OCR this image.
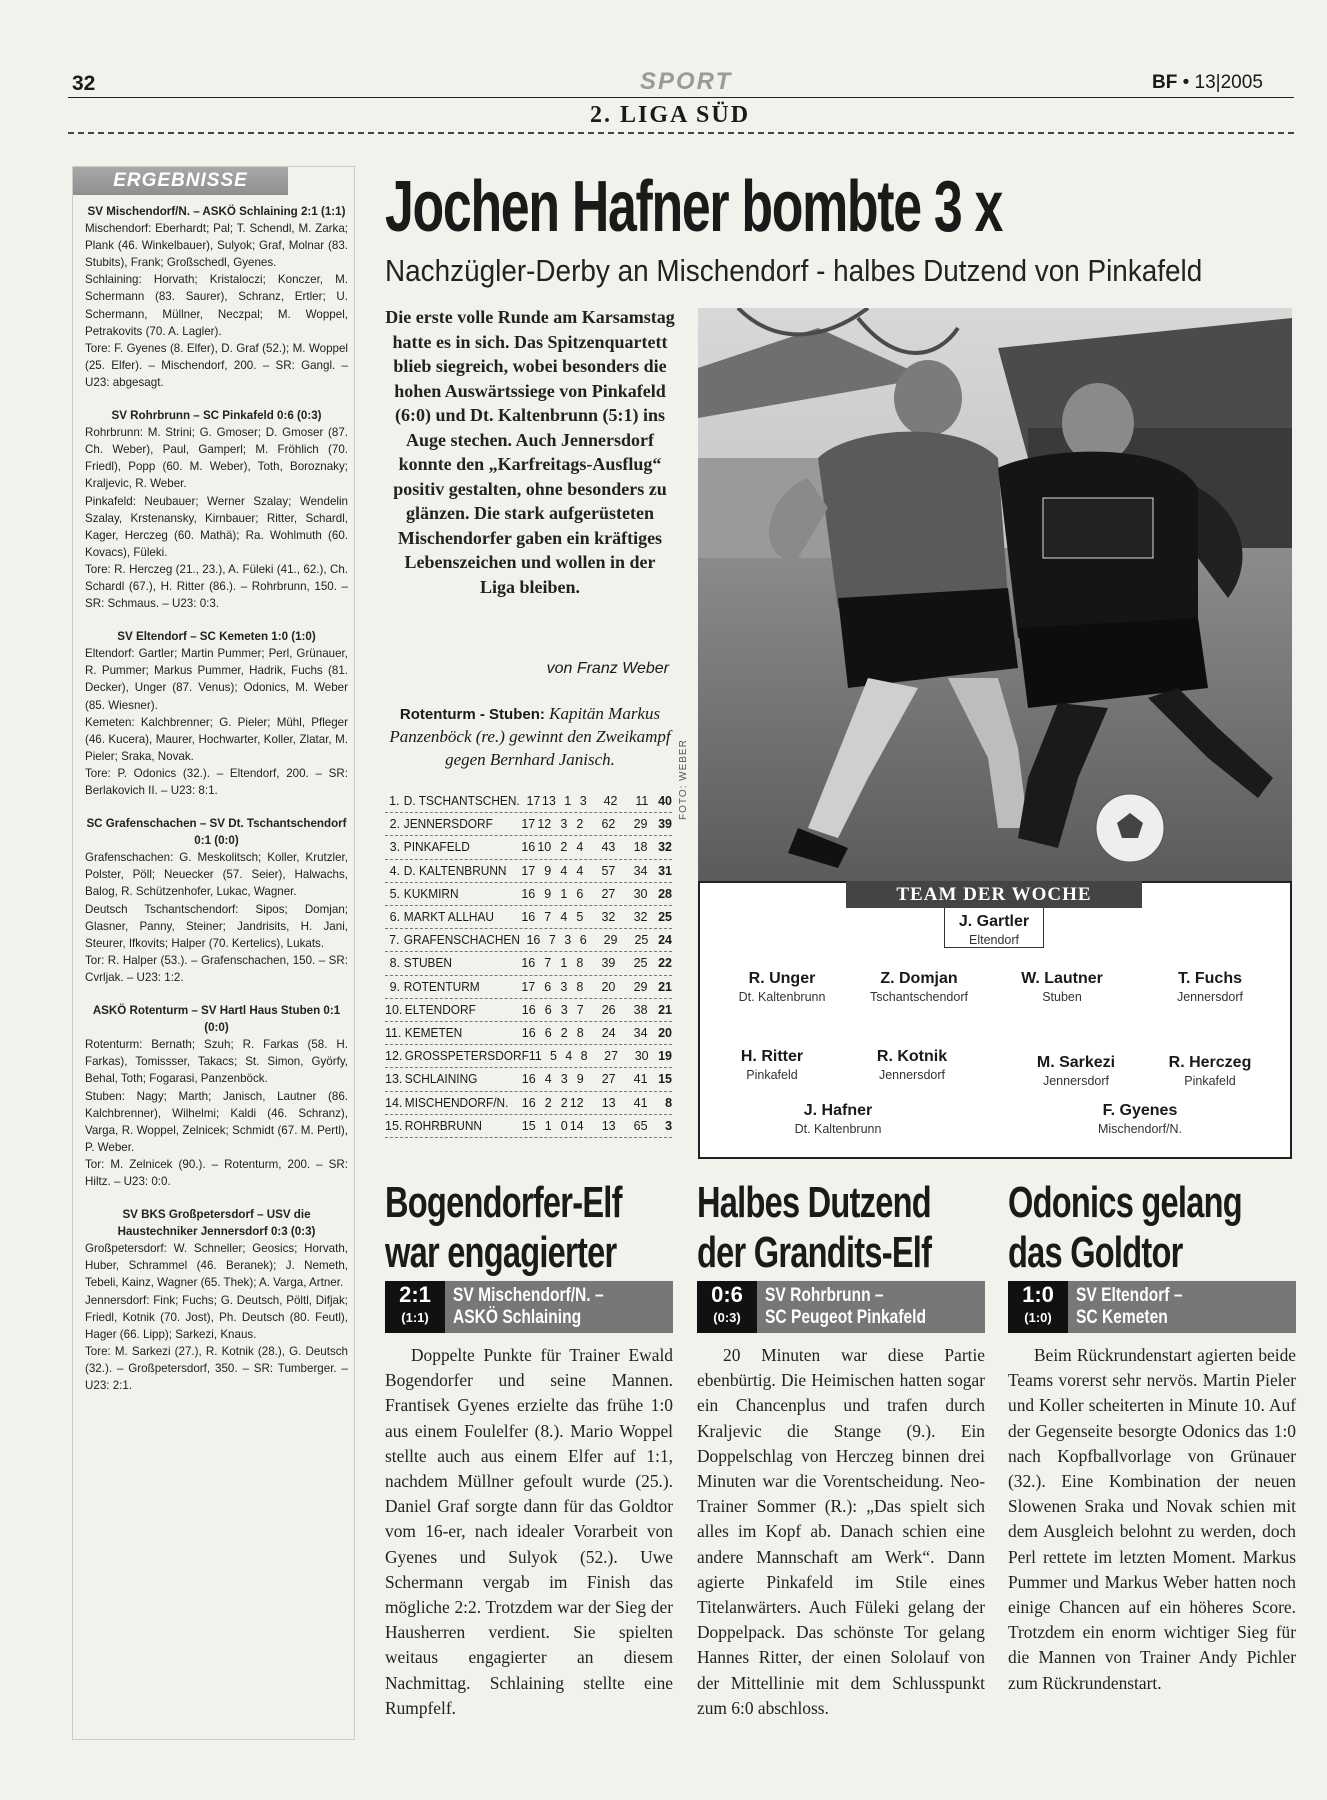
32	SPORT	BF • 13|2005
2. LIGA SÜD
ERGEBNISSE
SV Mischendorf/N. – ASKÖ Schlaining 2:1 (1:1)
Mischendorf: Eberhardt; Pal; T. Schendl, M. Zarka; Plank (46. Winkelbauer), Sulyok; Graf, Molnar (83. Stubits), Frank; Großschedl, Gyenes.
Schlaining: Horvath; Kristaloczi; Konczer, M. Schermann (83. Saurer), Schranz, Ertler; U. Schermann, Müllner, Neczpal; M. Woppel, Petrakovits (70. A. Lagler).
Tore: F. Gyenes (8. Elfer), D. Graf (52.); M. Woppel (25. Elfer). – Mischendorf, 200. – SR: Gangl. – U23: abgesagt.
SV Rohrbrunn – SC Pinkafeld 0:6 (0:3)
Rohrbrunn: M. Strini; G. Gmoser; D. Gmoser (87. Ch. Weber), Paul, Gamperl; M. Fröhlich (70. Friedl), Popp (60. M. Weber), Toth, Boroznaky; Kraljevic, R. Weber.
Pinkafeld: Neubauer; Werner Szalay; Wendelin Szalay, Krstenansky, Kirnbauer; Ritter, Schardl, Kager, Herczeg (60. Mathä); Ra. Wohlmuth (60. Kovacs), Füleki.
Tore: R. Herczeg (21., 23.), A. Füleki (41., 62.), Ch. Schardl (67.), H. Ritter (86.). – Rohrbrunn, 150. – SR: Schmaus. – U23: 0:3.
SV Eltendorf – SC Kemeten 1:0 (1:0)
Eltendorf: Gartler; Martin Pummer; Perl, Grünauer, R. Pummer; Markus Pummer, Hadrik, Fuchs (81. Decker), Unger (87. Venus); Odonics, M. Weber (85. Wiesner).
Kemeten: Kalchbrenner; G. Pieler; Mühl, Pfleger (46. Kucera), Maurer, Hochwarter, Koller, Zlatar, M. Pieler; Sraka, Novak.
Tore: P. Odonics (32.). – Eltendorf, 200. – SR: Berlakovich II. – U23: 8:1.
SC Grafenschachen – SV Dt. Tschantschendorf 0:1 (0:0)
Grafenschachen: G. Meskolitsch; Koller, Krutzler, Polster, Pöll; Neuecker (57. Seier), Halwachs, Balog, R. Schützenhofer, Lukac, Wagner.
Deutsch Tschantschendorf: Sipos; Domjan; Glasner, Panny, Steiner; Jandrisits, H. Jani, Steurer, Ifkovits; Halper (70. Kertelics), Lukats.
Tor: R. Halper (53.). – Grafenschachen, 150. – SR: Cvrljak. – U23: 1:2.
ASKÖ Rotenturm – SV Hartl Haus Stuben 0:1 (0:0)
Rotenturm: Bernath; Szuh; R. Farkas (58. H. Farkas), Tomissser, Takacs; St. Simon, Györfy, Behal, Toth; Fogarasi, Panzenböck.
Stuben: Nagy; Marth; Janisch, Lautner (86. Kalchbrenner), Wilhelmi; Kaldi (46. Schranz), Varga, R. Woppel, Zelnicek; Schmidt (67. M. Pertl), P. Weber.
Tor: M. Zelnicek (90.). – Rotenturm, 200. – SR: Hiltz. – U23: 0:0.
SV BKS Großpetersdorf – USV die Haustechniker Jennersdorf 0:3 (0:3)
Großpetersdorf: W. Schneller; Geosics; Horvath, Huber, Schrammel (46. Beranek); J. Nemeth, Tebeli, Kainz, Wagner (65. Thek); A. Varga, Artner.
Jennersdorf: Fink; Fuchs; G. Deutsch, Pöltl, Difjak; Friedl, Kotnik (70. Jost), Ph. Deutsch (80. Feutl), Hager (66. Lipp); Sarkezi, Knaus.
Tore: M. Sarkezi (27.), R. Kotnik (28.), G. Deutsch (32.). – Großpetersdorf, 350. – SR: Tumberger. – U23: 2:1.
Jochen Hafner bombte 3 x
Nachzügler-Derby an Mischendorf - halbes Dutzend von Pinkafeld
Die erste volle Runde am Karsamstag hatte es in sich. Das Spitzenquartett blieb siegreich, wobei besonders die hohen Auswärtssiege von Pinkafeld (6:0) und Dt. Kaltenbrunn (5:1) ins Auge stechen. Auch Jennersdorf konnte den „Karfreitags-Ausflug“ positiv gestalten, ohne besonders zu glänzen. Die stark aufgerüsteten Mischendorfer gaben ein kräftiges Lebenszeichen und wollen in der Liga bleiben.
von Franz Weber
Rotenturm - Stuben: Kapitän Markus Panzenböck (re.) gewinnt den Zweikampf gegen Bernhard Janisch.	FOTO: WEBER
1. D. TSCHANTSCHEN. 17 13 1 3	42	11 40
2. JENNERSDORF	17 12 3 2	62	29 39
3. PINKAFELD	16 10 2 4	43	18 32
4. D. KALTENBRUNN	17 9 4 4	57	34 31
5. KUKMIRN	16 9 1 6	27	30 28
6. MARKT ALLHAU	16 7 4 5	32	32 25
7. GRAFENSCHACHEN 16 7 3 6	29	25 24
8. STUBEN	16 7 1 8	39	25 22
9. ROTENTURM	17 6 3 8	20	29 21
10. ELTENDORF	16 6 3 7	26	38 21
11. KEMETEN	16 6 2 8	24	34 20
12. GROSSPETERSDORF 11 5 4 8	27	30 19
13. SCHLAINING	16 4 3 9	27	41 15
14. MISCHENDORF/N.	16 2 2 12	13	41	8
15. ROHRBRUNN	15 1 0 14	13	65	3
TEAM DER WOCHE
J. Gartler
Eltendorf
R. Unger
Dt. Kaltenbrunn
Z. Domjan
Tschantschendorf
W. Lautner
Stuben
T. Fuchs
Jennersdorf
H. Ritter
Pinkafeld
R. Kotnik
Jennersdorf
M. Sarkezi
Jennersdorf
R. Herczeg
Pinkafeld
J. Hafner
Dt. Kaltenbrunn
F. Gyenes
Mischendorf/N.
Bogendorfer-Elf
war engagierter
2:1
(1:1)
SV Mischendorf/N. –
ASKÖ Schlaining
Doppelte Punkte für Trainer Ewald Bogendorfer und seine Mannen. Frantisek Gyenes erzielte das frühe 1:0 aus einem Foulelfer (8.). Mario Woppel stellte auch aus einem Elfer auf 1:1, nachdem Müllner gefoult wurde (25.). Daniel Graf sorgte dann für das Goldtor vom 16-er, nach idealer Vorarbeit von Gyenes und Sulyok (52.). Uwe Schermann vergab im Finish das mögliche 2:2. Trotzdem war der Sieg der Hausherren verdient. Sie spielten weitaus engagierter an diesem Nachmittag. Schlaining stellte eine Rumpfelf.
Halbes Dutzend
der Grandits-Elf
0:6
(0:3)
SV Rohrbrunn –
SC Peugeot Pinkafeld
20 Minuten war diese Partie ebenbürtig. Die Heimischen hatten sogar ein Chancenplus und trafen durch Kraljevic die Stange (9.). Ein Doppelschlag von Herczeg binnen drei Minuten war die Vorentscheidung. Neo-Trainer Sommer (R.): „Das spielt sich alles im Kopf ab. Danach schien eine andere Mannschaft am Werk“. Dann agierte Pinkafeld im Stile eines Titelanwärters. Auch Füleki gelang der Doppelpack. Das schönste Tor gelang Hannes Ritter, der einen Sololauf von der Mittellinie mit dem Schlusspunkt zum 6:0 abschloss.
Odonics gelang
das Goldtor
1:0
(1:0)
SV Eltendorf –
SC Kemeten
Beim Rückrundenstart agierten beide Teams vorerst sehr nervös. Martin Pieler und Koller scheiterten in Minute 10. Auf der Gegenseite besorgte Odonics das 1:0 nach Kopfballvorlage von Grünauer (32.). Eine Kombination der neuen Slowenen Sraka und Novak schien mit dem Ausgleich belohnt zu werden, doch Perl rettete im letzten Moment. Markus Pummer und Markus Weber hatten noch einige Chancen auf ein höheres Score. Trotzdem ein enorm wichtiger Sieg für die Mannen von Trainer Andy Pichler zum Rückrundenstart.
